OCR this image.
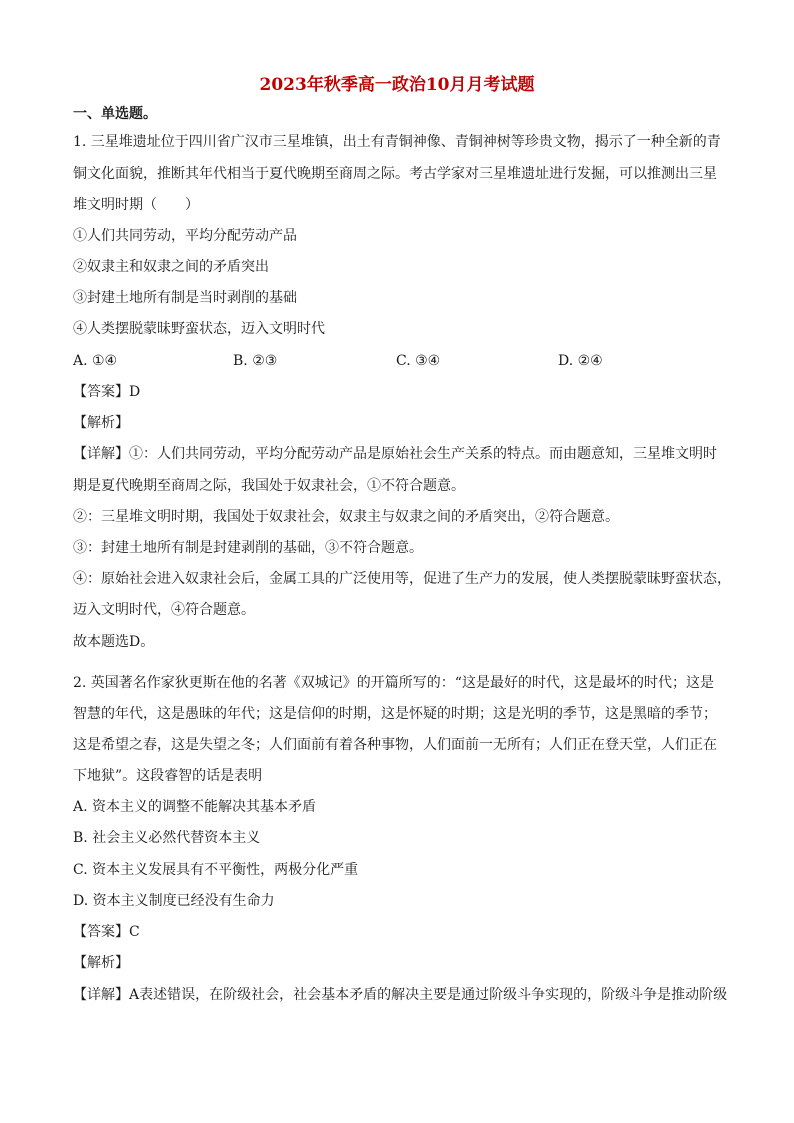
2023年秋季高一政治10月月考试题
一、单选题。
1. 三星堆遗址位于四川省广汉市三星堆镇，出土有青铜神像、青铜神树等珍贵文物，揭示了一种全新的青
铜文化面貌，推断其年代相当于夏代晚期至商周之际。考古学家对三星堆遗址进行发掘，可以推测出三星
堆文明时期（　　）
①人们共同劳动，平均分配劳动产品
②奴隶主和奴隶之间的矛盾突出
③封建土地所有制是当时剥削的基础
④人类摆脱蒙昧野蛮状态，迈入文明时代
A. ①④	B. ②③	C. ③④	D. ②④
【答案】D
【解析】
【详解】①：人们共同劳动，平均分配劳动产品是原始社会生产关系的特点。而由题意知，三星堆文明时
期是夏代晚期至商周之际，我国处于奴隶社会，①不符合题意。
②：三星堆文明时期，我国处于奴隶社会，奴隶主与奴隶之间的矛盾突出，②符合题意。
③：封建土地所有制是封建剥削的基础，③不符合题意。
④：原始社会进入奴隶社会后，金属工具的广泛使用等，促进了生产力的发展，使人类摆脱蒙昧野蛮状态，
迈入文明时代，④符合题意。
故本题选D。
2. 英国著名作家狄更斯在他的名著《双城记》的开篇所写的：“这是最好的时代，这是最坏的时代；这是
智慧的年代，这是愚昧的年代；这是信仰的时期，这是怀疑的时期；这是光明的季节，这是黑暗的季节；
这是希望之春，这是失望之冬；人们面前有着各种事物，人们面前一无所有；人们正在登天堂，人们正在
下地狱”。这段睿智的话是表明
A. 资本主义的调整不能解决其基本矛盾
B. 社会主义必然代替资本主义
C. 资本主义发展具有不平衡性，两极分化严重
D. 资本主义制度已经没有生命力
【答案】C
【解析】
【详解】A表述错误，在阶级社会，社会基本矛盾的解决主要是通过阶级斗争实现的，阶级斗争是推动阶级
